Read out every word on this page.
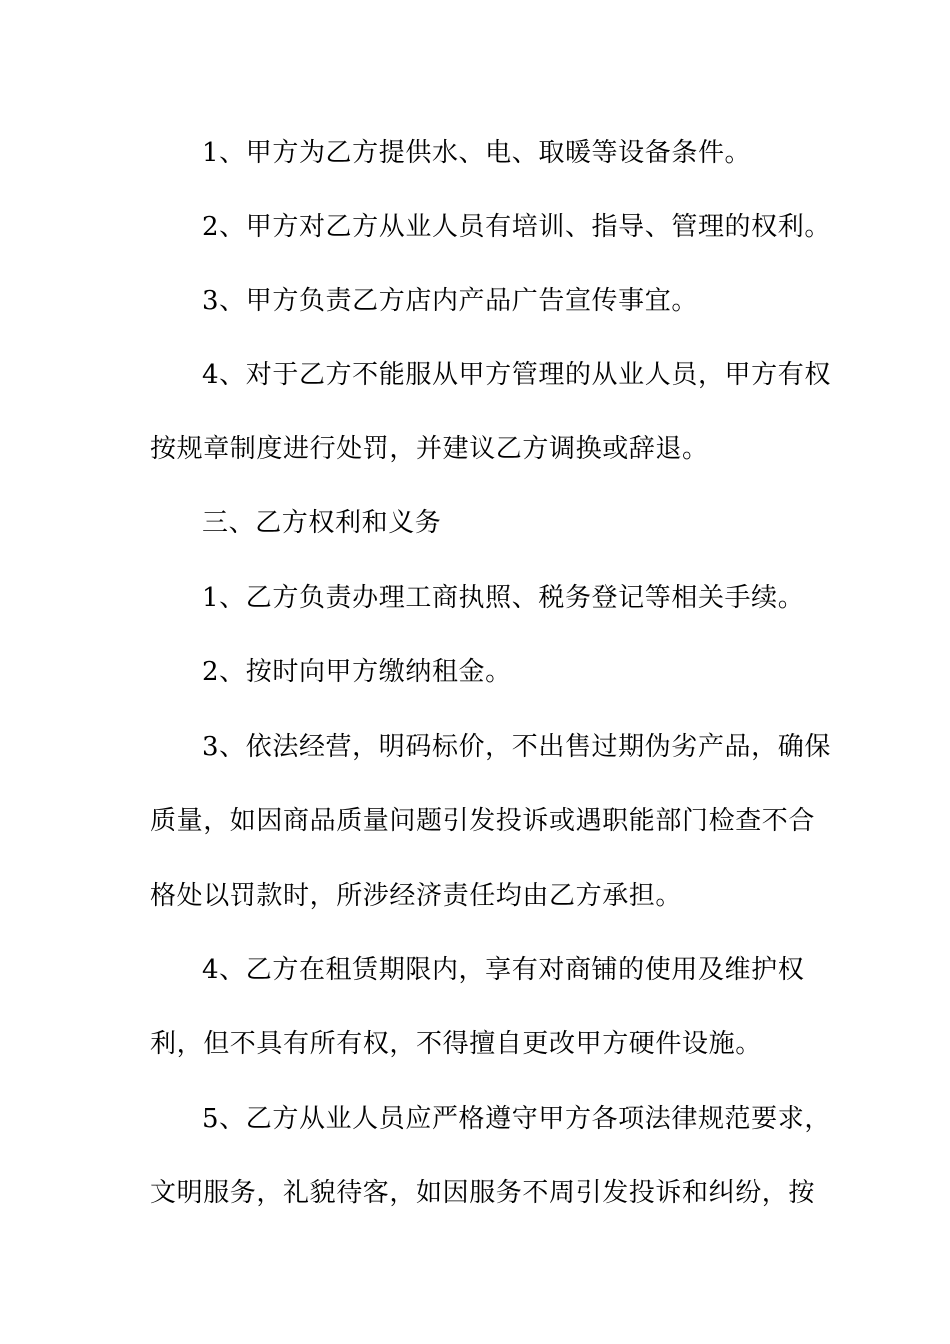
1、甲方为乙方提供水、电、取暖等设备条件。
2、甲方对乙方从业人员有培训、指导、管理的权利。
3、甲方负责乙方店内产品广告宣传事宜。
4、对于乙方不能服从甲方管理的从业人员，甲方有权
按规章制度进行处罚，并建议乙方调换或辞退。
三、乙方权利和义务
1、乙方负责办理工商执照、税务登记等相关手续。
2、按时向甲方缴纳租金。
3、依法经营，明码标价，不出售过期伪劣产品，确保
质量，如因商品质量问题引发投诉或遇职能部门检查不合
格处以罚款时，所涉经济责任均由乙方承担。
4、乙方在租赁期限内，享有对商铺的使用及维护权
利，但不具有所有权，不得擅自更改甲方硬件设施。
5、乙方从业人员应严格遵守甲方各项法律规范要求，
文明服务，礼貌待客，如因服务不周引发投诉和纠纷，按
